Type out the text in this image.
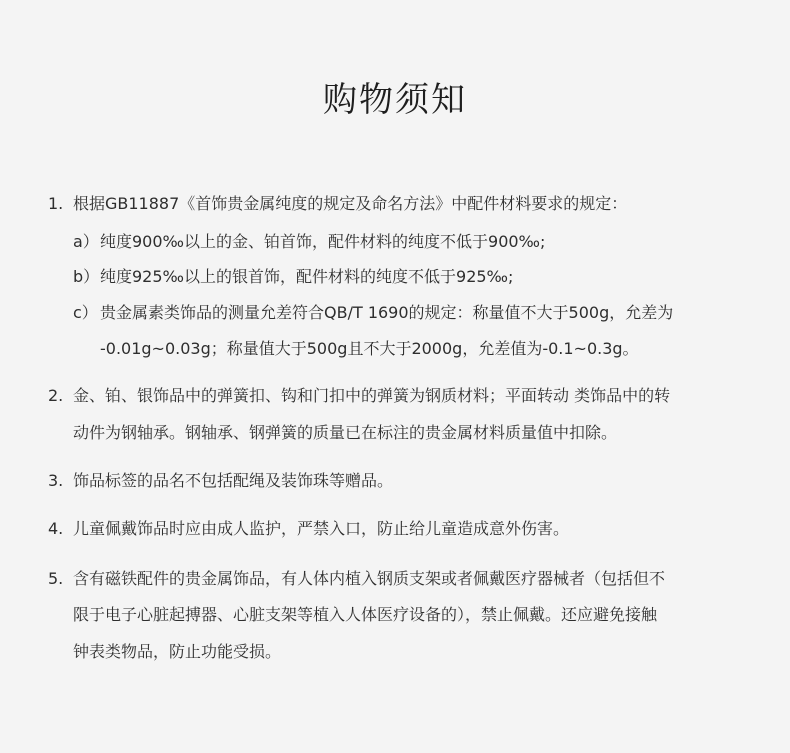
购物须知
1. 根据GB11887《首饰贵金属纯度的规定及命名方法》中配件材料要求的规定：
a） 纯度900‰以上的金、铂首饰，配件材料的纯度不低于900‰;
b） 纯度925‰以上的银首饰，配件材料的纯度不低于925‰;
c） 贵金属素类饰品的测量允差符合QB/T 1690的规定：称量值不大于500g，允差为
-0.01g~0.03g；称量值大于500g且不大于2000g，允差值为-0.1~0.3g。
2. 金、铂、银饰品中的弹簧扣、钩和门扣中的弹簧为钢质材料；平面转动 类饰品中的转
动件为钢轴承。钢轴承、钢弹簧的质量已在标注的贵金属材料质量值中扣除。
3. 饰品标签的品名不包括配绳及装饰珠等赠品。
4. 儿童佩戴饰品时应由成人监护，严禁入口，防止给儿童造成意外伤害。
5. 含有磁铁配件的贵金属饰品，有人体内植入钢质支架或者佩戴医疗器械者（包括但不
限于电子心脏起搏器、心脏支架等植入人体医疗设备的），禁止佩戴。还应避免接触
钟表类物品，防止功能受损。
